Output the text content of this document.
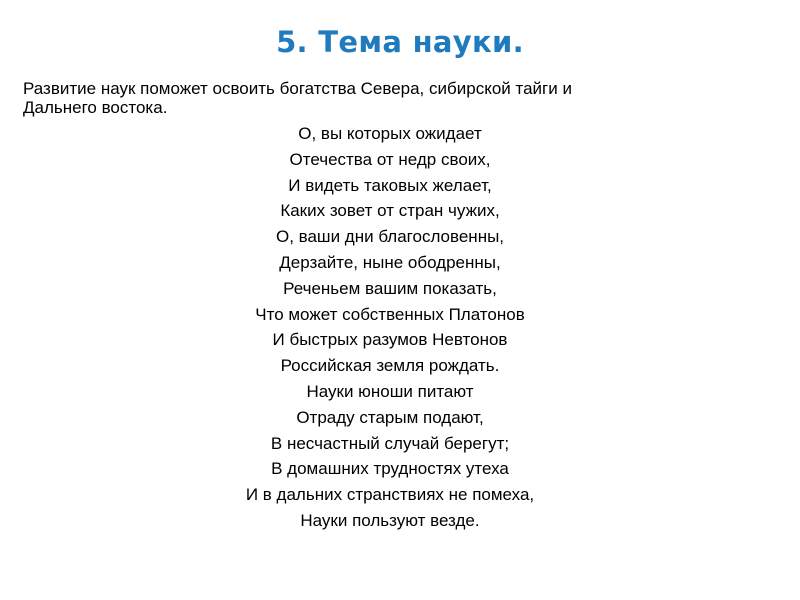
5. Тема науки.
Развитие наук поможет освоить богатства Севера, сибирской тайги и
Дальнего востока.
О, вы которых ожидает
Отечества от недр своих,
И видеть таковых желает,
Каких зовет от стран чужих,
О, ваши дни благословенны,
Дерзайте, ныне ободренны,
Реченьем вашим показать,
Что может собственных Платонов
И быстрых разумов Невтонов
Российская земля рождать.
Науки юноши питают
Отраду старым подают,
В несчастный случай берегут;
В домашних трудностях утеха
И в дальних странствиях не помеха,
Науки пользуют везде.
